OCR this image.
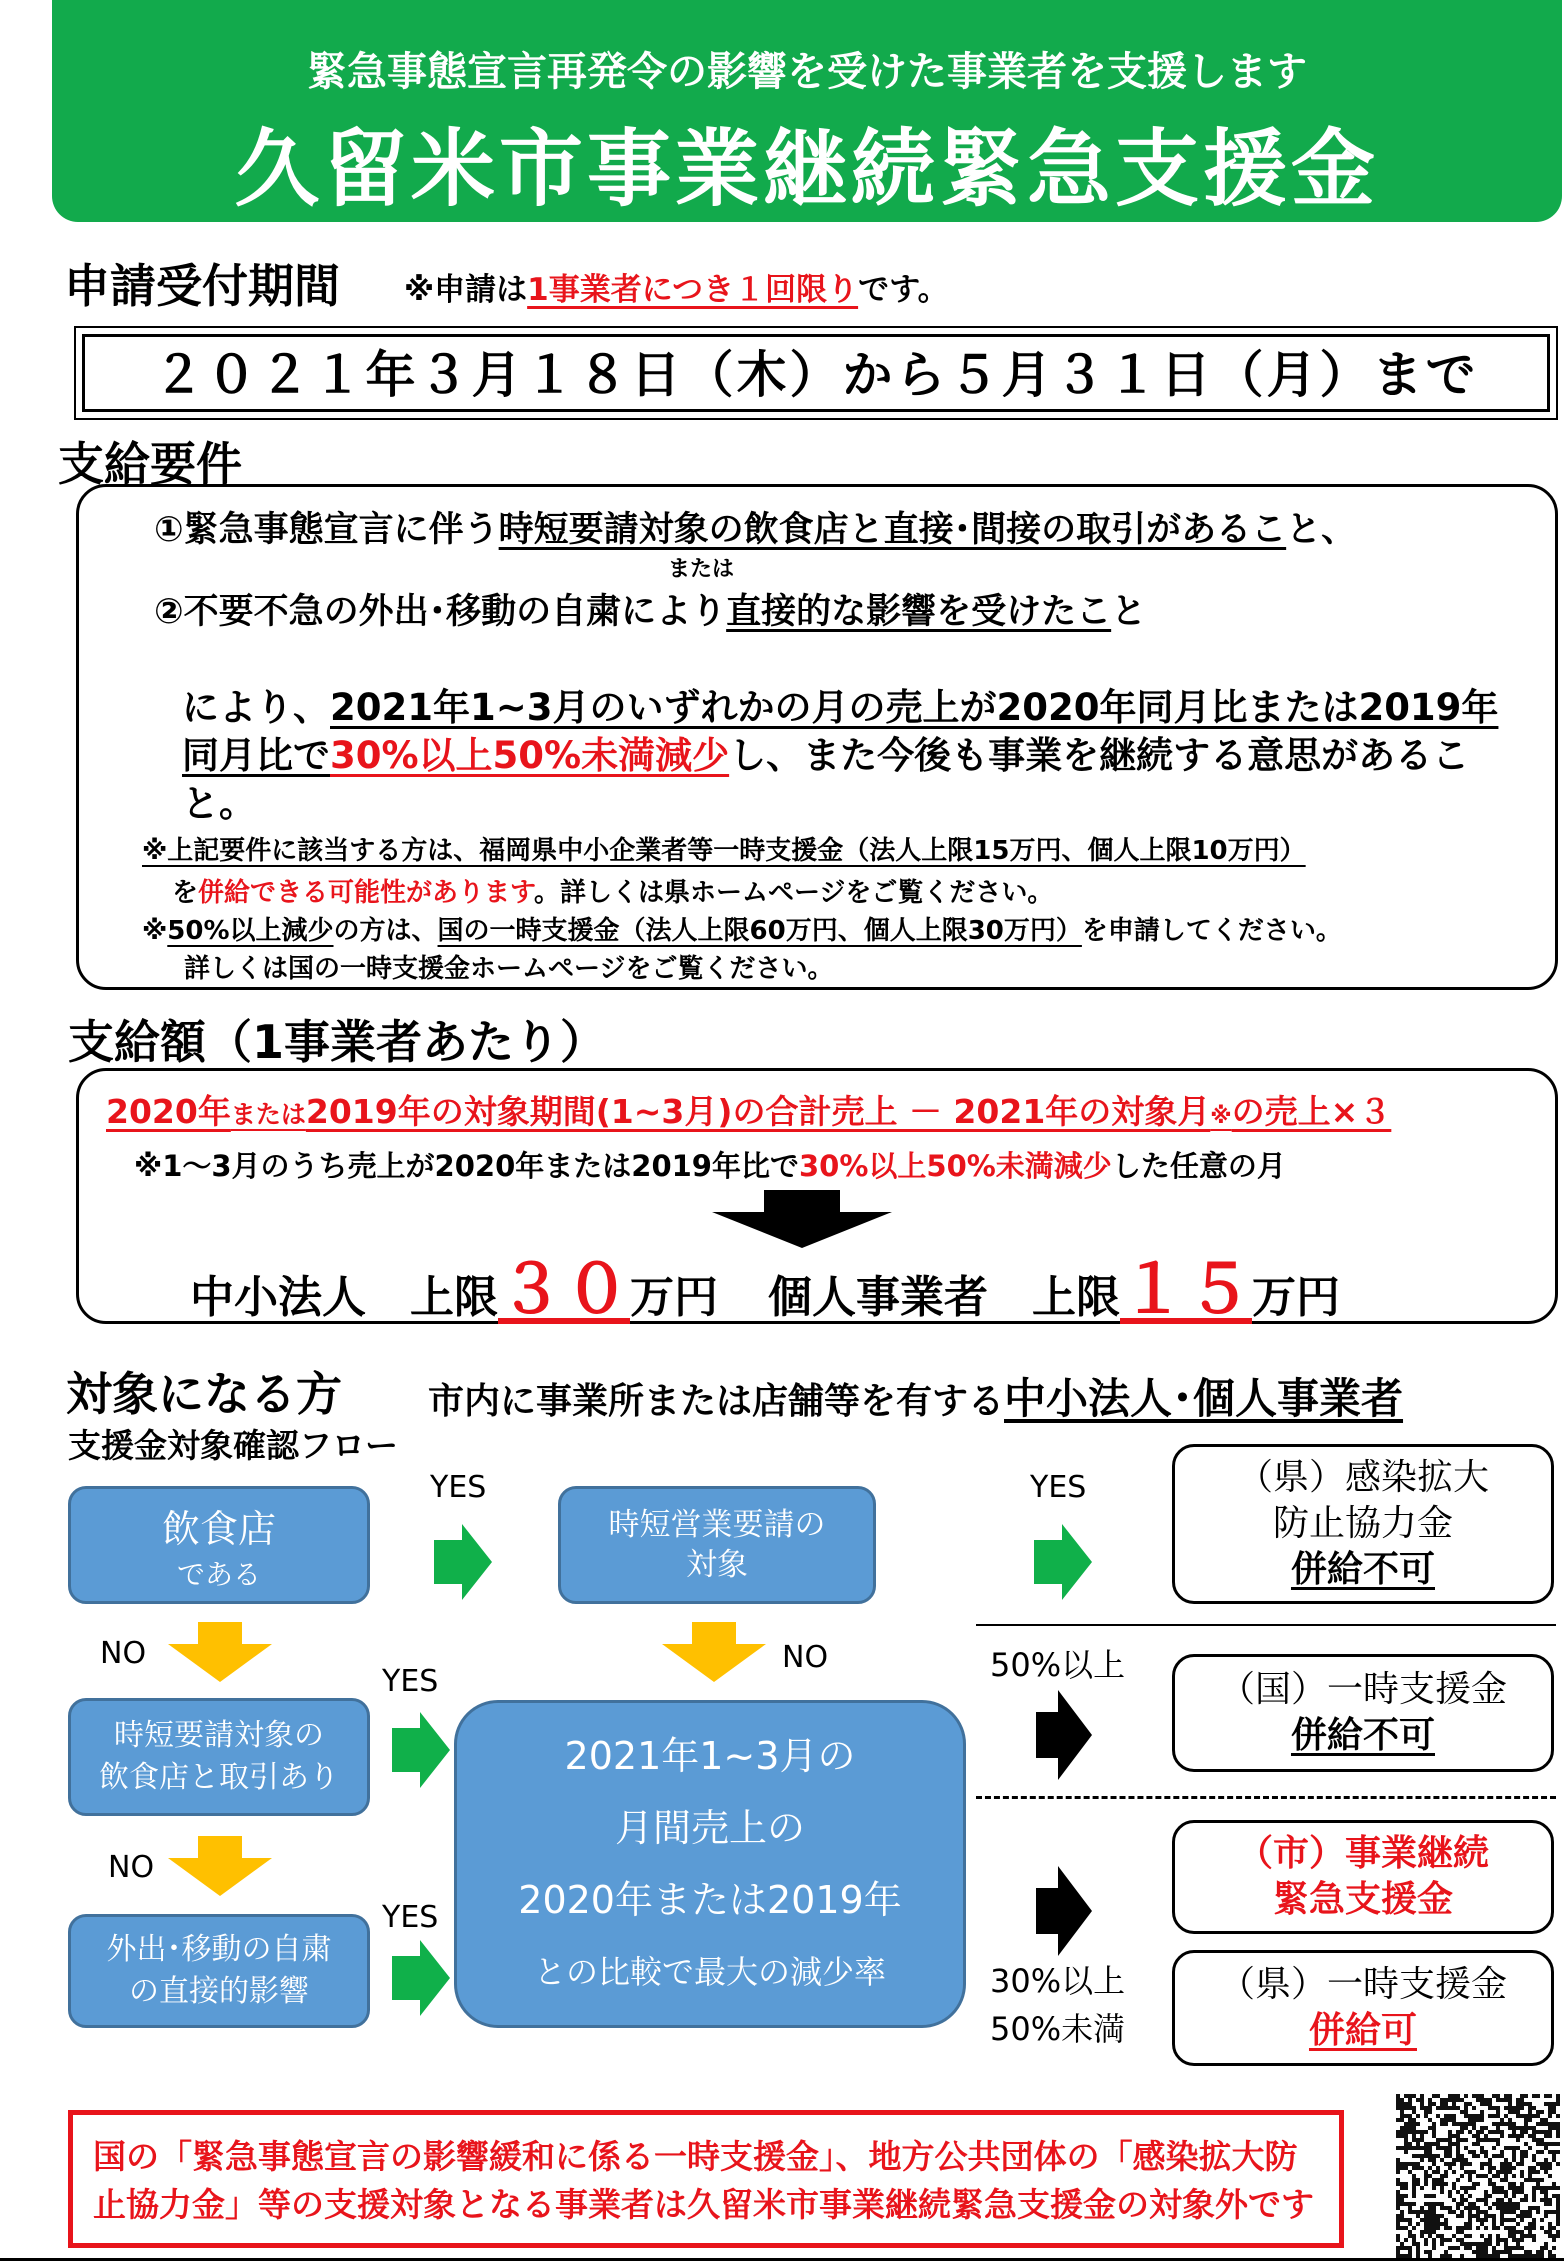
緊急事態宣言再発令の影響を受けた事業者を支援します
久留米市事業継続緊急支援金
申請受付期間 ※申請は1事業者につき１回限りです。
２０２１年３月１８日（木）から５月３１日（月）まで
支給要件
①緊急事態宣言に伴う時短要請対象の飲食店と直接･間接の取引があること、
または
②不要不急の外出･移動の自粛により直接的な影響を受けたこと
により、2021年1~3月のいずれかの月の売上が2020年同月比または2019年同月比で30%以上50%未満減少し、また今後も事業を継続する意思があること。
※上記要件に該当する方は、福岡県中小企業者等一時支援金（法人上限15万円、個人上限10万円）
を併給できる可能性があります。詳しくは県ホームページをご覧ください。
※50%以上減少の方は、国の一時支援金（法人上限60万円、個人上限30万円）を申請してください。
詳しくは国の一時支援金ホームページをご覧ください。
支給額（1事業者あたり）
2020年または2019年の対象期間(1~3月)の合計売上 － 2021年の対象月※の売上×３
※1～3月のうち売上が2020年または2019年比で30%以上50%未満減少した任意の月
中小法人　上限３０万円 個人事業者　上限１５万円
対象になる方 市内に事業所または店舗等を有する中小法人･個人事業者
支援金対象確認フロー
飲食店
である
時短営業要請の
対象
時短要請対象の
飲食店と取引あり
外出･移動の自粛
の直接的影響
2021年1~3月の
月間売上の
2020年または2019年
との比較で最大の減少率
YES	YES
YES
YES
NO	NO
NO
50%以上
30%以上
50%未満
（県）感染拡大
防止協力金
併給不可
（国）一時支援金
併給不可
（市）事業継続
緊急支援金
（県）一時支援金
併給可
国の「緊急事態宣言の影響緩和に係る一時支援金」、地方公共団体の「感染拡大防
止協力金」等の支援対象となる事業者は久留米市事業継続緊急支援金の対象外です
